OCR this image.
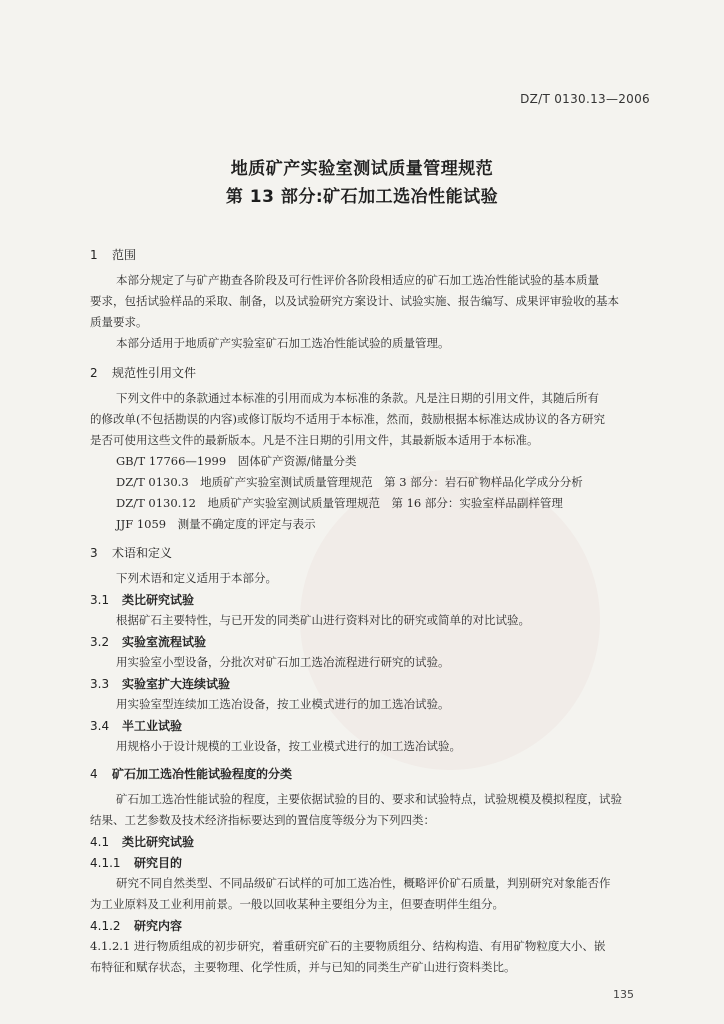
DZ/T 0130.13—2006
地质矿产实验室测试质量管理规范
第 13 部分:矿石加工选冶性能试验
1 范围
本部分规定了与矿产勘查各阶段及可行性评价各阶段相适应的矿石加工选冶性能试验的基本质量
要求，包括试验样品的采取、制备，以及试验研究方案设计、试验实施、报告编写、成果评审验收的基本
质量要求。
本部分适用于地质矿产实验室矿石加工选冶性能试验的质量管理。
2 规范性引用文件
下列文件中的条款通过本标准的引用而成为本标准的条款。凡是注日期的引用文件，其随后所有
的修改单(不包括勘误的内容)或修订版均不适用于本标准，然而，鼓励根据本标准达成协议的各方研究
是否可使用这些文件的最新版本。凡是不注日期的引用文件，其最新版本适用于本标准。
GB/T 17766—1999　固体矿产资源/储量分类
DZ/T 0130.3　地质矿产实验室测试质量管理规范　第 3 部分：岩石矿物样品化学成分分析
DZ/T 0130.12　地质矿产实验室测试质量管理规范　第 16 部分：实验室样品副样管理
JJF 1059　测量不确定度的评定与表示
3 术语和定义
下列术语和定义适用于本部分。
3.1 类比研究试验
根据矿石主要特性，与已开发的同类矿山进行资料对比的研究或简单的对比试验。
3.2 实验室流程试验
用实验室小型设备，分批次对矿石加工选冶流程进行研究的试验。
3.3 实验室扩大连续试验
用实验室型连续加工选冶设备，按工业模式进行的加工选冶试验。
3.4 半工业试验
用规格小于设计规模的工业设备，按工业模式进行的加工选冶试验。
4 矿石加工选冶性能试验程度的分类
矿石加工选冶性能试验的程度，主要依据试验的目的、要求和试验特点，试验规模及模拟程度，试验
结果、工艺参数及技术经济指标要达到的置信度等级分为下列四类：
4.1 类比研究试验
4.1.1 研究目的
研究不同自然类型、不同品级矿石试样的可加工选冶性，概略评价矿石质量，判别研究对象能否作
为工业原料及工业利用前景。一般以回收某种主要组分为主，但要查明伴生组分。
4.1.2 研究内容
4.1.2.1 进行物质组成的初步研究，着重研究矿石的主要物质组分、结构构造、有用矿物粒度大小、嵌
布特征和赋存状态，主要物理、化学性质，并与已知的同类生产矿山进行资料类比。
135
